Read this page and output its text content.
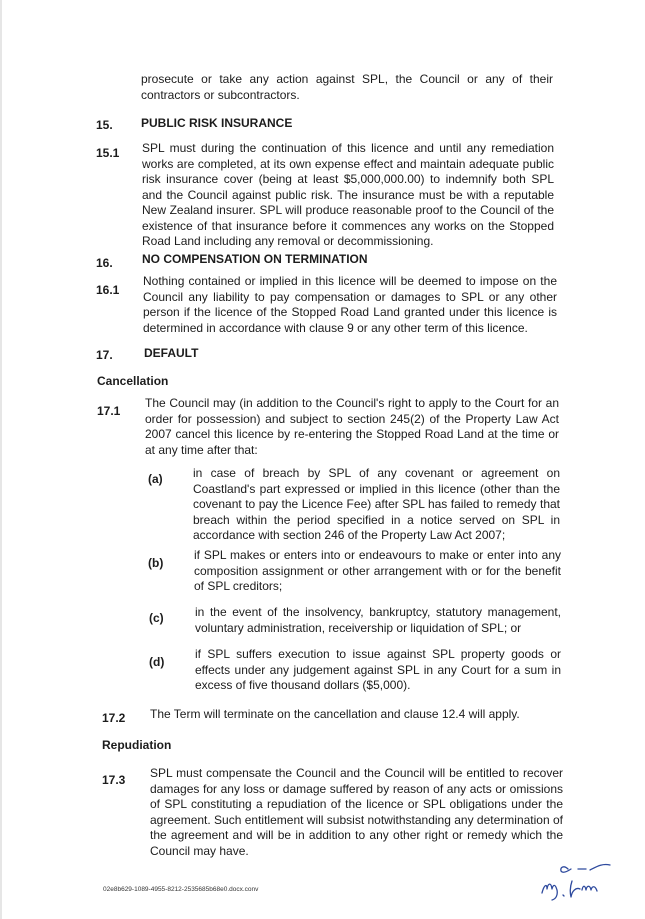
prosecute or take any action against SPL, the Council or any of their contractors or subcontractors.
15. PUBLIC RISK INSURANCE
15.1 SPL must during the continuation of this licence and until any remediation works are completed, at its own expense effect and maintain adequate public risk insurance cover (being at least $5,000,000.00) to indemnify both SPL and the Council against public risk. The insurance must be with a reputable New Zealand insurer. SPL will produce reasonable proof to the Council of the existence of that insurance before it commences any works on the Stopped Road Land including any removal or decommissioning.
16. NO COMPENSATION ON TERMINATION
16.1
Nothing contained or implied in this licence will be deemed to impose on the Council any liability to pay compensation or damages to SPL or any other person if the licence of the Stopped Road Land granted under this licence is determined in accordance with clause 9 or any other term of this licence.
17.	DEFAULT
Cancellation
17.1
The Council may (in addition to the Council's right to apply to the Court for an order for possession) and subject to section 245(2) of the Property Law Act 2007 cancel this licence by re-entering the Stopped Road Land at the time or at any time after that:
(a)	in case of breach by SPL of any covenant or agreement on Coastland's part expressed or implied in this licence (other than the covenant to pay the Licence Fee) after SPL has failed to remedy that breach within the period specified in a notice served on SPL in accordance with section 246 of the Property Law Act 2007;
(b)
if SPL makes or enters into or endeavours to make or enter into any composition assignment or other arrangement with or for the benefit of SPL creditors;
(c)	in the event of the insolvency, bankruptcy, statutory management, voluntary administration, receivership or liquidation of SPL; or
(d)
if SPL suffers execution to issue against SPL property goods or effects under any judgement against SPL in any Court for a sum in excess of five thousand dollars ($5,000).
17.2 The Term will terminate on the cancellation and clause 12.4 will apply.
Repudiation
17.3 SPL must compensate the Council and the Council will be entitled to recover damages for any loss or damage suffered by reason of any acts or omissions of SPL constituting a repudiation of the licence or SPL obligations under the agreement. Such entitlement will subsist notwithstanding any determination of the agreement and will be in addition to any other right or remedy which the Council may have.
02e8b629-1089-4955-8212-2535685b68e0.docx.conv
